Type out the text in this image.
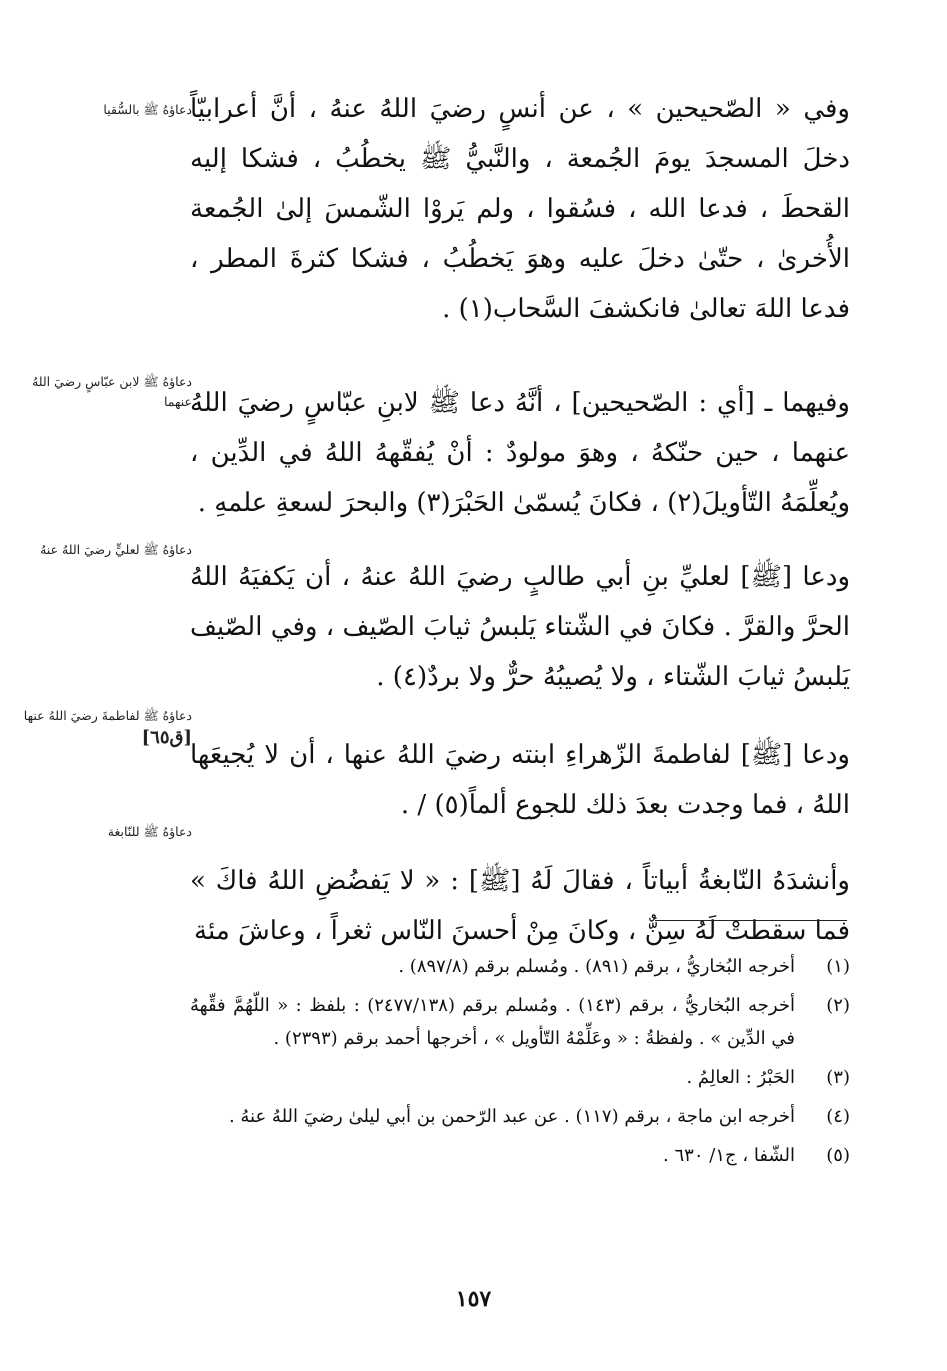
وفي « الصّحيحين » ، عن أنسٍ رضيَ اللهُ عنهُ ، أنَّ أعرابيّاً دخلَ المسجدَ يومَ الجُمعة ، والنَّبيُّ ﷺ يخطُبُ ، فشكا إليه القحطَ ، فدعا الله ، فسُقوا ، ولم يَروْا الشّمسَ إلىٰ الجُمعة الأُخرىٰ ، حتّىٰ دخلَ عليه وهوَ يَخطُبُ ، فشكا كثرةَ المطر ، فدعا اللهَ تعالىٰ فانكشفَ السَّحاب(١) .

وفيهما ـ [أي : الصّحيحين] ، أنَّهُ دعا ﷺ لابنِ عبّاسٍ رضيَ اللهُ عنهما ، حين حنّكهُ ، وهوَ مولودٌ : أنْ يُفقّههُ اللهُ في الدِّين ، ويُعلِّمَهُ التّأويلَ(٢) ، فكانَ يُسمّىٰ الحَبْرَ(٣) والبحرَ لسعةِ علمهِ .

ودعا [ﷺ] لعليِّ بنِ أبي طالبٍ رضيَ اللهُ عنهُ ، أن يَكفيَهُ اللهُ الحرَّ والقرَّ . فكانَ في الشّتاء يَلبسُ ثيابَ الصّيف ، وفي الصّيف يَلبسُ ثيابَ الشّتاء ، ولا يُصيبُهُ حرٌّ ولا بردٌ(٤) .

ودعا [ﷺ] لفاطمةَ الزّهراءِ ابنته رضيَ اللهُ عنها ، أن لا يُجيعَها اللهُ ، فما وجدت بعدَ ذلك للجوع ألماً(٥) / .

وأنشدَهُ النّابغةُ أبياتاً ، فقالَ لَهُ [ﷺ] : « لا يَفضُضِ اللهُ فاكَ » فما سقطتْ لَهُ سِنٌّ ، وكانَ مِنْ أحسنَ النّاس ثغراً ، وعاشَ مئة

دعاؤهُ ﷺ بالسُّقيا
دعاؤهُ ﷺ لابن عبّاسٍ رضيَ اللهُ عنهما
دعاؤهُ ﷺ لعليٍّ رضيَ اللهُ عنهُ
دعاؤهُ ﷺ لفاطمةَ رضيَ اللهُ عنها
[ق٦٥]
دعاؤهُ ﷺ للنّابغة
(١)
أخرجه البُخاريُّ ، برقم (٨٩١) . ومُسلم برقم (٨٩٧/٨) .
(٢)
أخرجه البُخاريُّ ، برقم (١٤٣) . ومُسلم برقم (٢٤٧٧/١٣٨) : بلفظ : « اللّهُمَّ فقِّههُ في الدِّين » . ولفظةُ : « وعَلِّمْهُ التّأويل » ، أخرجها أحمد برقم (٢٣٩٣) .
(٣)
الحَبْرُ : العالِمُ .
(٤)
أخرجه ابن ماجة ، برقم (١١٧) . عن عبد الرّحمن بن أبي ليلىٰ رضيَ اللهُ عنهُ .
(٥)
الشّفا ، ج١/ ٦٣٠ .
١٥٧
